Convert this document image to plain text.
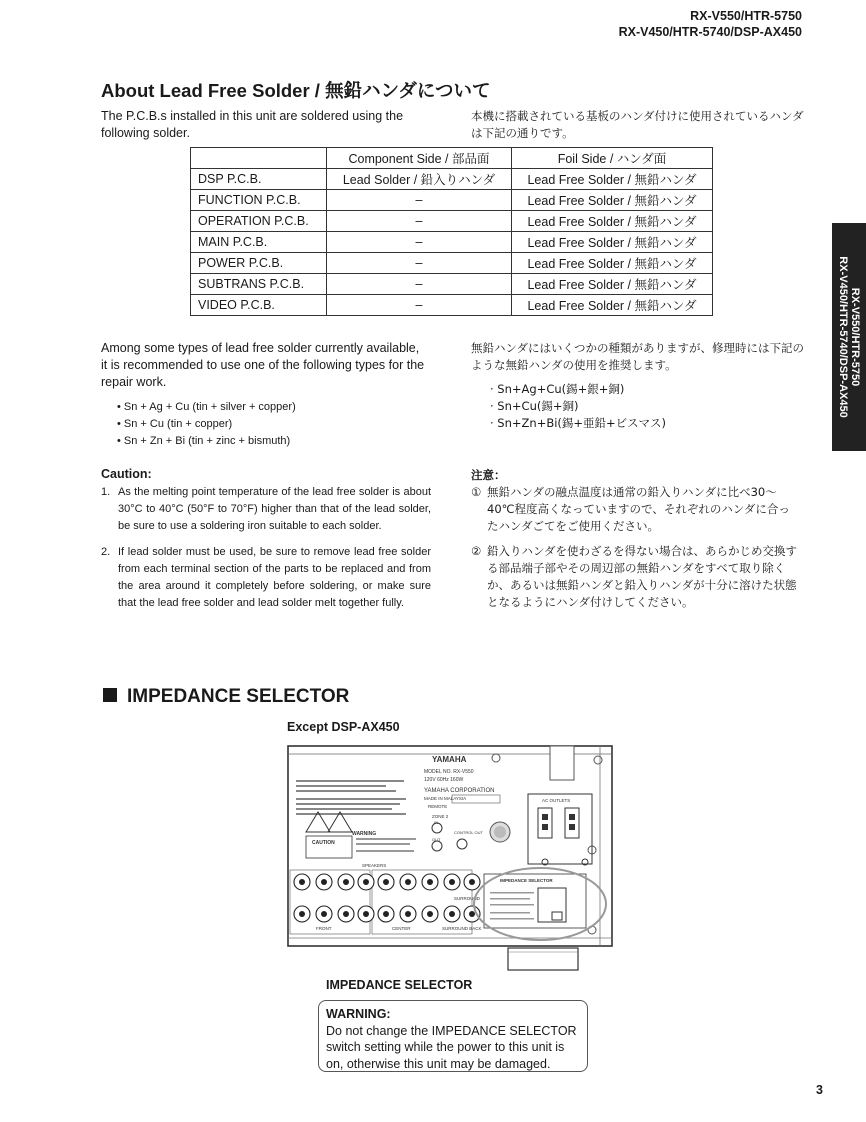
RX-V550/HTR-5750
RX-V450/HTR-5740/DSP-AX450
RX-V550/HTR-5750
RX-V450/HTR-5740/DSP-AX450
About Lead Free Solder / 無鉛ハンダについて
The P.C.B.s installed in this unit are soldered using the
following solder.
本機に搭載されている基板のハンダ付けに使用されているハンダ
は下記の通りです。
	Component Side / 部品面	Foil Side / ハンダ面
DSP P.C.B.	Lead Solder / 鉛入りハンダ	Lead Free Solder / 無鉛ハンダ
FUNCTION P.C.B.	–	Lead Free Solder / 無鉛ハンダ
OPERATION P.C.B.	–	Lead Free Solder / 無鉛ハンダ
MAIN P.C.B.	–	Lead Free Solder / 無鉛ハンダ
POWER P.C.B.	–	Lead Free Solder / 無鉛ハンダ
SUBTRANS P.C.B.	–	Lead Free Solder / 無鉛ハンダ
VIDEO P.C.B.	–	Lead Free Solder / 無鉛ハンダ
Among some types of lead free solder currently available,
it is recommended to use one of the following types for the
repair work.
無鉛ハンダにはいくつかの種類がありますが、修理時には下記の
ような無鉛ハンダの使用を推奨します。
• Sn + Ag + Cu (tin + silver + copper)
• Sn + Cu (tin + copper)
• Sn + Zn + Bi (tin + zinc + bismuth)
· Sn+Ag+Cu(錫+銀+銅)
· Sn+Cu(錫+銅)
· Sn+Zn+Bi(錫+亜鉛+ビスマス)
Caution:
1. As the melting point temperature of the lead free solder is about 30°C to 40°C (50°F to 70°F) higher than that of the lead solder, be sure to use a soldering iron suitable to each solder.
2. If lead solder must be used, be sure to remove lead free solder from each terminal section of the parts to be replaced and from the area around it completely before soldering, or make sure that the lead free solder and lead solder melt together fully.
注意：
① 無鉛ハンダの融点温度は通常の鉛入りハンダに比べ30〜40℃程度高くなっていますので、それぞれのハンダに合ったハンダごてをご使用ください。
② 鉛入りハンダを使わざるを得ない場合は、あらかじめ交換する部品端子部やその周辺部の無鉛ハンダをすべて取り除くか、あるいは無鉛ハンダと鉛入りハンダが十分に溶けた状態となるようにハンダ付けしてください。
IMPEDANCE SELECTOR
Except DSP-AX450
YAMAHA
MODEL NO. RX-V550
120V 60Hz 160W
YAMAHA CORPORATION
MADE IN MALAYSIA
CAUTION
WARNING
REMOTE
ZONE 2
IN
OUT
CONTROL OUT
AC OUTLETS
SPEAKERS
SURROUND
FRONT	CENTER	SURROUND BACK
IMPEDANCE SELECTOR
IMPEDANCE SELECTOR
WARNING:
Do not change the IMPEDANCE SELECTOR
switch setting while the power to this unit is
on, otherwise this unit may be damaged.
3
